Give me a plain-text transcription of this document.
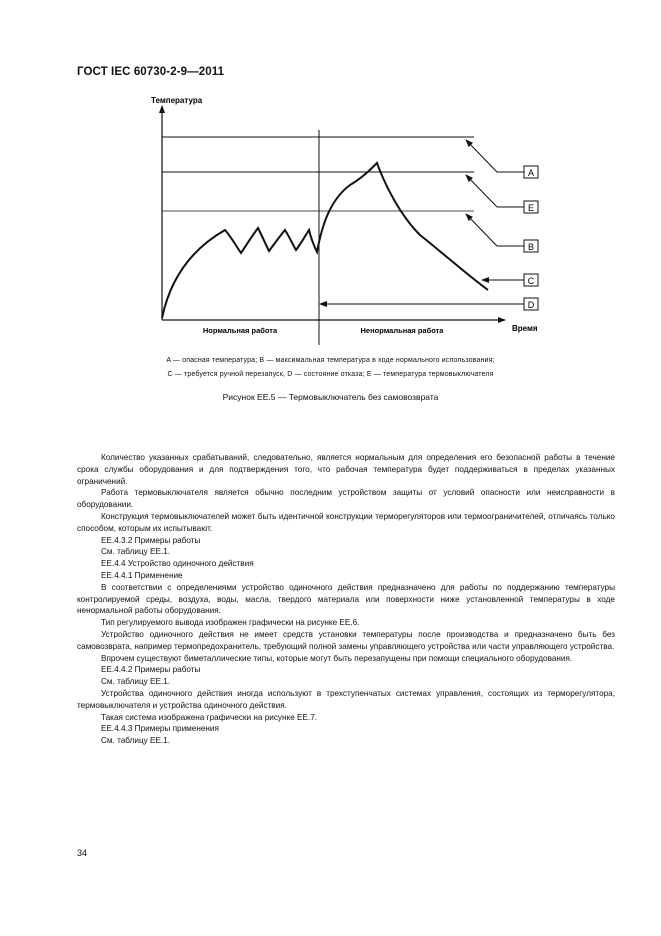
ГОСТ IEC 60730-2-9—2011
Температура
Время
Нормальная работа	Ненормальная работа
A
E
B
C
D
A — опасная температура; B — максимальная температура в ходе нормального использования;
C — требуется ручной перезапуск, D — состояние отказа; E — температура термовыключателя
Рисунок ЕЕ.5 — Термовыключатель без самовозврата

Количество указанных срабатываний, следовательно, является нормальным для определения его безопасной работы в течение срока службы оборудования и для подтверждения того, что рабочая температура будет поддерживаться в пределах указанных ограничений.

Работа термовыключателя является обычно последним устройством защиты от условий опасности или неисправности в оборудовании.

Конструкция термовыключателей может быть идентичной конструкции терморегуляторов или термоограничителей, отличаясь только способом, которым их испытывают.

ЕЕ.4.3.2 Примеры работы

См. таблицу ЕЕ.1.

ЕЕ.4.4 Устройство одиночного действия

ЕЕ.4.4.1 Применение

В соответствии с определениями устройство одиночного действия предназначено для работы по поддержанию температуры контролируемой среды, воздуха, воды, масла, твердого материала или поверхности ниже установленной температуры в ходе ненормальной работы оборудования.

Тип регулируемого вывода изображен графически на рисунке ЕЕ.6.

Устройство одиночного действия не имеет средств установки температуры после производства и предназначено быть без самовозврата, например термопредохранитель, требующий полной замены управляющего устройства или части управляющего устройства.

Впрочем существуют биметаллические типы, которые могут быть перезапущены при помощи специального оборудования.

ЕЕ.4.4.2 Примеры работы

См. таблицу ЕЕ.1.

Устройства одиночного действия иногда используют в трехступенчатых системах управления, состоящих из терморегулятора, термовыключателя и устройства одиночного действия.

Такая система изображена графически на рисунке ЕЕ.7.

ЕЕ.4.4.3 Примеры применения

См. таблицу ЕЕ.1.

34
